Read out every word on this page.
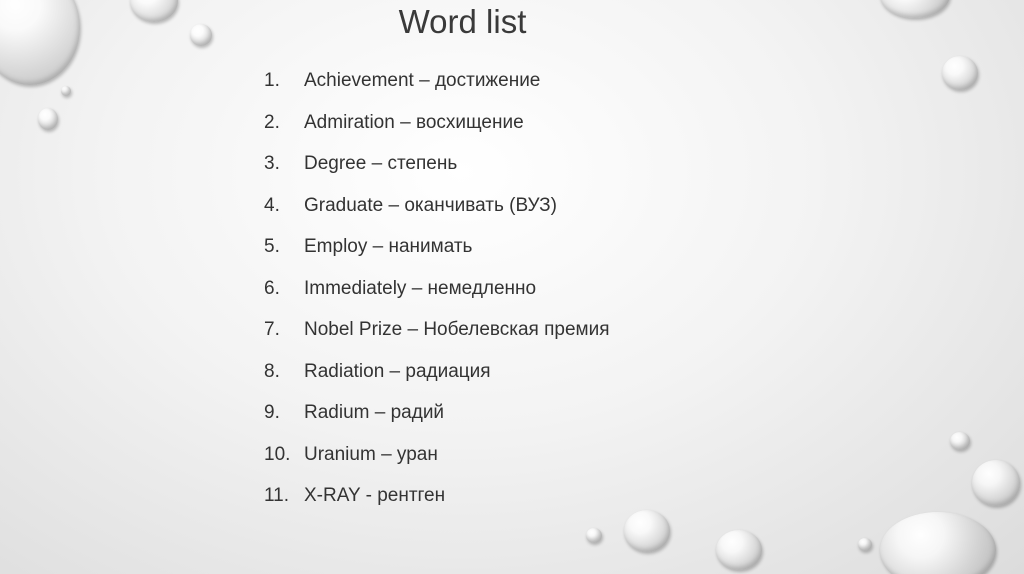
Word list
1. Achievement – достижение
2. Admiration – восхищение
3. Degree – степень
4. Graduate – оканчивать (ВУЗ)
5. Employ – нанимать
6. Immediately – немедленно
7. Nobel Prize – Нобелевская премия
8. Radiation – радиация
9. Radium – радий
10. Uranium – уран
11. X-RAY - рентген
